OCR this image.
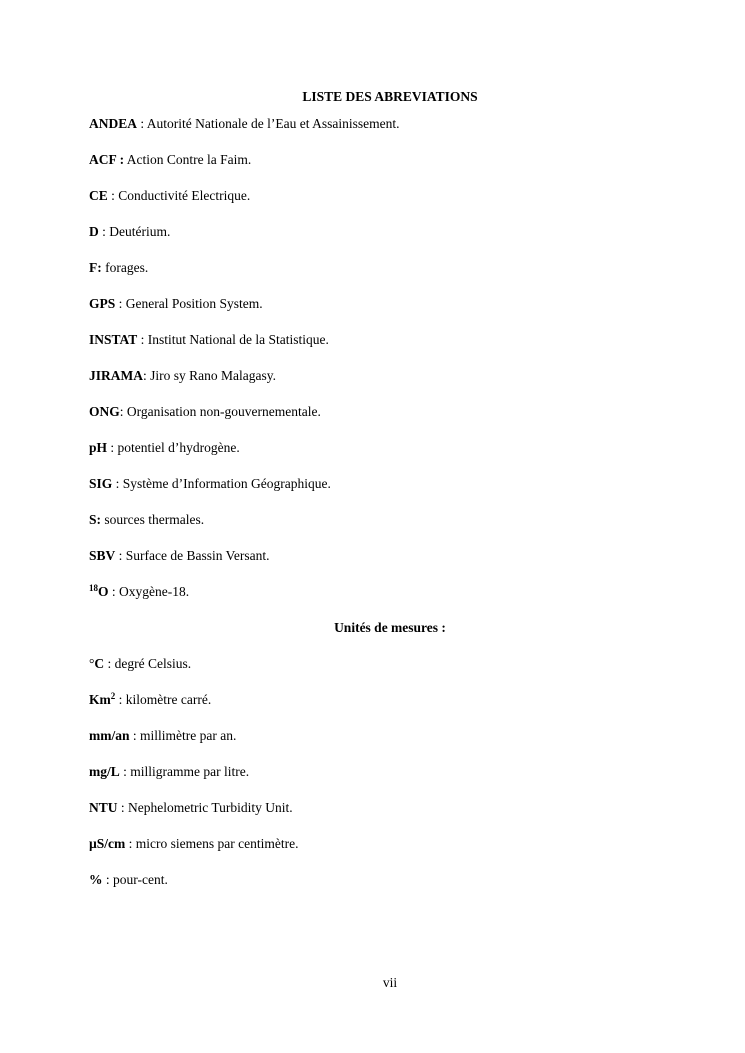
LISTE DES ABREVIATIONS
ANDEA : Autorité Nationale de l’Eau et Assainissement.
ACF : Action Contre la Faim.
CE : Conductivité Electrique.
D : Deutérium.
F: forages.
GPS : General Position System.
INSTAT : Institut National de la Statistique.
JIRAMA: Jiro sy Rano Malagasy.
ONG: Organisation non-gouvernementale.
pH : potentiel d’hydrogène.
SIG : Système d’Information Géographique.
S: sources thermales.
SBV : Surface de Bassin Versant.
$^{18}$O : Oxygène-18.
Unités de mesures :
°C : degré Celsius.
Km$^2$ : kilomètre carré.
mm/an : millimètre par an.
mg/L : milligramme par litre.
NTU : Nephelometric Turbidity Unit.
µS/cm : micro siemens par centimètre.
% : pour-cent.
vii
